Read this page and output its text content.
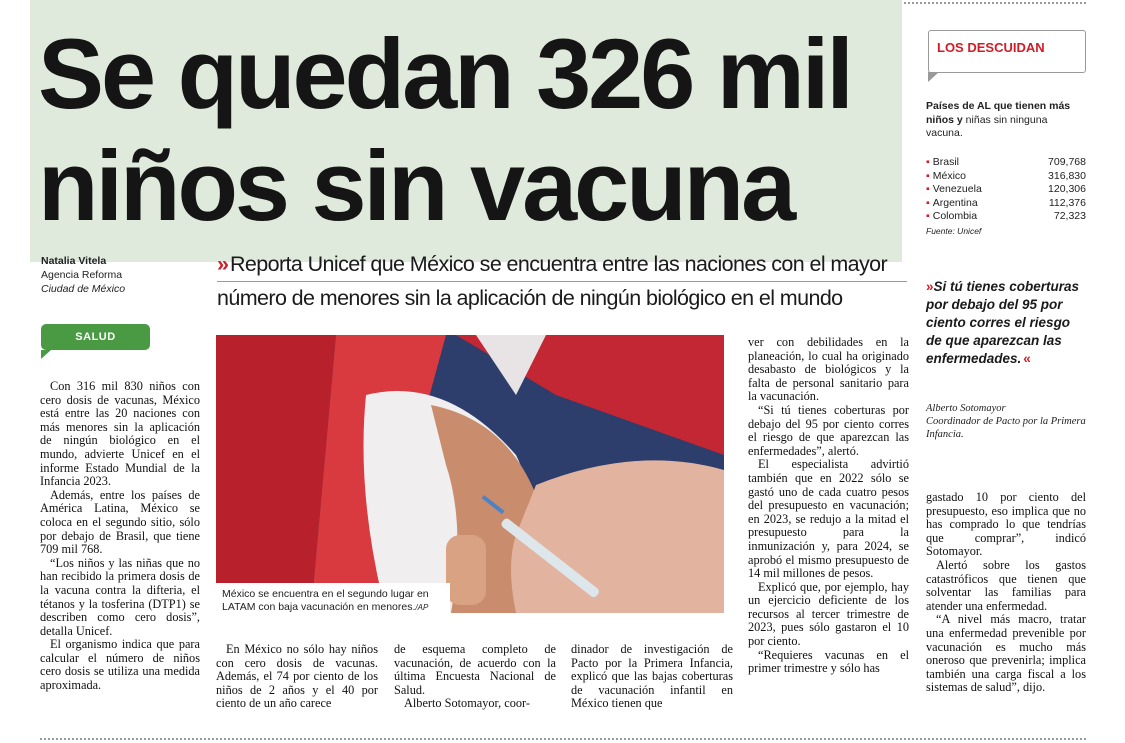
Se quedan 326 mil
niños sin vacuna
Natalia Vitela
Agencia Reforma
Ciudad de México
» Reporta Unicef que México se encuentra entre las naciones con el mayor
número de menores sin la aplicación de ningún biológico en el mundo
SALUD

Con 316 mil 830 niños con cero dosis de vacunas, México está entre las 20 naciones con más menores sin la aplicación de ningún biológico en el mundo, advierte Unicef en el informe Estado Mundial de la Infancia 2023.

Además, entre los países de América Latina, México se coloca en el segundo sitio, sólo por debajo de Brasil, que tiene 709 mil 768.

“Los niños y las niñas que no han recibido la primera dosis de la vacuna contra la difteria, el tétanos y la tosferina (DTP1) se describen como cero dosis”, detalla Unicef.

El organismo indica que para calcular el número de niños cero dosis se utiliza una medida aproximada.

México se encuentra en el segundo lugar en LATAM con baja vacunación en menores./AP

En México no sólo hay niños con cero dosis de vacunas. Además, el 74 por ciento de los niños de 2 años y el 40 por ciento de un año carece

de esquema completo de vacunación, de acuerdo con la última Encuesta Nacional de Salud.

Alberto Sotomayor, coor-

dinador de investigación de Pacto por la Primera Infancia, explicó que las bajas coberturas de vacunación infantil en México tienen que

ver con debilidades en la planeación, lo cual ha originado desabasto de biológicos y la falta de personal sanitario para la vacunación.

“Si tú tienes coberturas por debajo del 95 por ciento corres el riesgo de que aparezcan las enfermedades”, alertó.

El especialista advirtió también que en 2022 sólo se gastó uno de cada cuatro pesos del presupuesto en vacunación; en 2023, se redujo a la mitad el presupuesto para la inmunización y, para 2024, se aprobó el mismo presupuesto de 14 mil millones de pesos.

Explicó que, por ejemplo, hay un ejercicio deficiente de los recursos al tercer trimestre de 2023, pues sólo gastaron el 10 por ciento.

“Requieres vacunas en el primer trimestre y sólo has

LOS DESCUIDAN
Países de AL que tienen más niños y niñas sin ninguna vacuna.
▪ Brasil	709,768
▪ México	316,830
▪ Venezuela	120,306
▪ Argentina	112,376
▪ Colombia	72,323
Fuente: Unicef
» Si tú tienes coberturas por debajo del 95 por ciento corres el riesgo de que aparezcan las enfermedades. «
Alberto Sotomayor
Coordinador de Pacto por la Primera Infancia.

gastado 10 por ciento del presupuesto, eso implica que no has comprado lo que tendrías que comprar”, indicó Sotomayor.

Alertó sobre los gastos catastróficos que tienen que solventar las familias para atender una enfermedad.

“A nivel más macro, tratar una enfermedad prevenible por vacunación es mucho más oneroso que prevenirla; implica también una carga fiscal a los sistemas de salud”, dijo.
